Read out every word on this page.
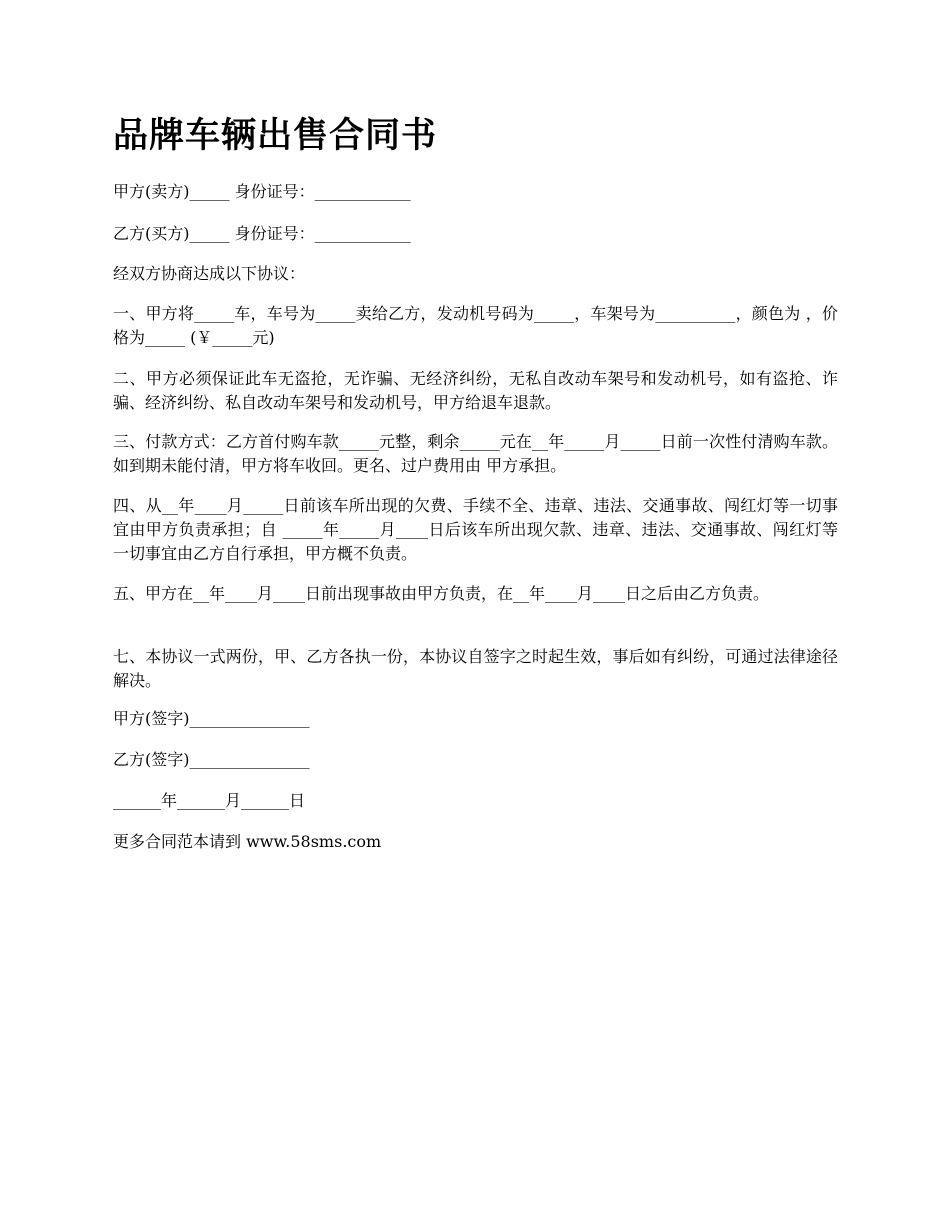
品牌车辆出售合同书

甲方(卖方)_____ 身份证号：____________

乙方(买方)_____ 身份证号：____________

经双方协商达成以下协议：

一、甲方将_____车，车号为_____卖给乙方，发动机号码为_____，车架号为__________，颜色为 ，价格为_____ (￥_____元)

二、甲方必须保证此车无盗抢，无诈骗、无经济纠纷，无私自改动车架号和发动机号，如有盗抢、诈骗、经济纠纷、私自改动车架号和发动机号，甲方给退车退款。

三、付款方式：乙方首付购车款_____元整，剩余_____元在__年_____月_____日前一次性付清购车款。如到期未能付清，甲方将车收回。更名、过户费用由 甲方承担。

四、从__年____月_____日前该车所出现的欠费、手续不全、违章、违法、交通事故、闯红灯等一切事宜由甲方负责承担；自 _____年_____月____日后该车所出现欠款、违章、违法、交通事故、闯红灯等一切事宜由乙方自行承担，甲方概不负责。

五、甲方在__年____月____日前出现事故由甲方负责，在__年____月____日之后由乙方负责。

七、本协议一式两份，甲、乙方各执一份，本协议自签字之时起生效，事后如有纠纷，可通过法律途径解决。

甲方(签字)_______________

乙方(签字)_______________

______年______月______日

更多合同范本请到 www.58sms.com
